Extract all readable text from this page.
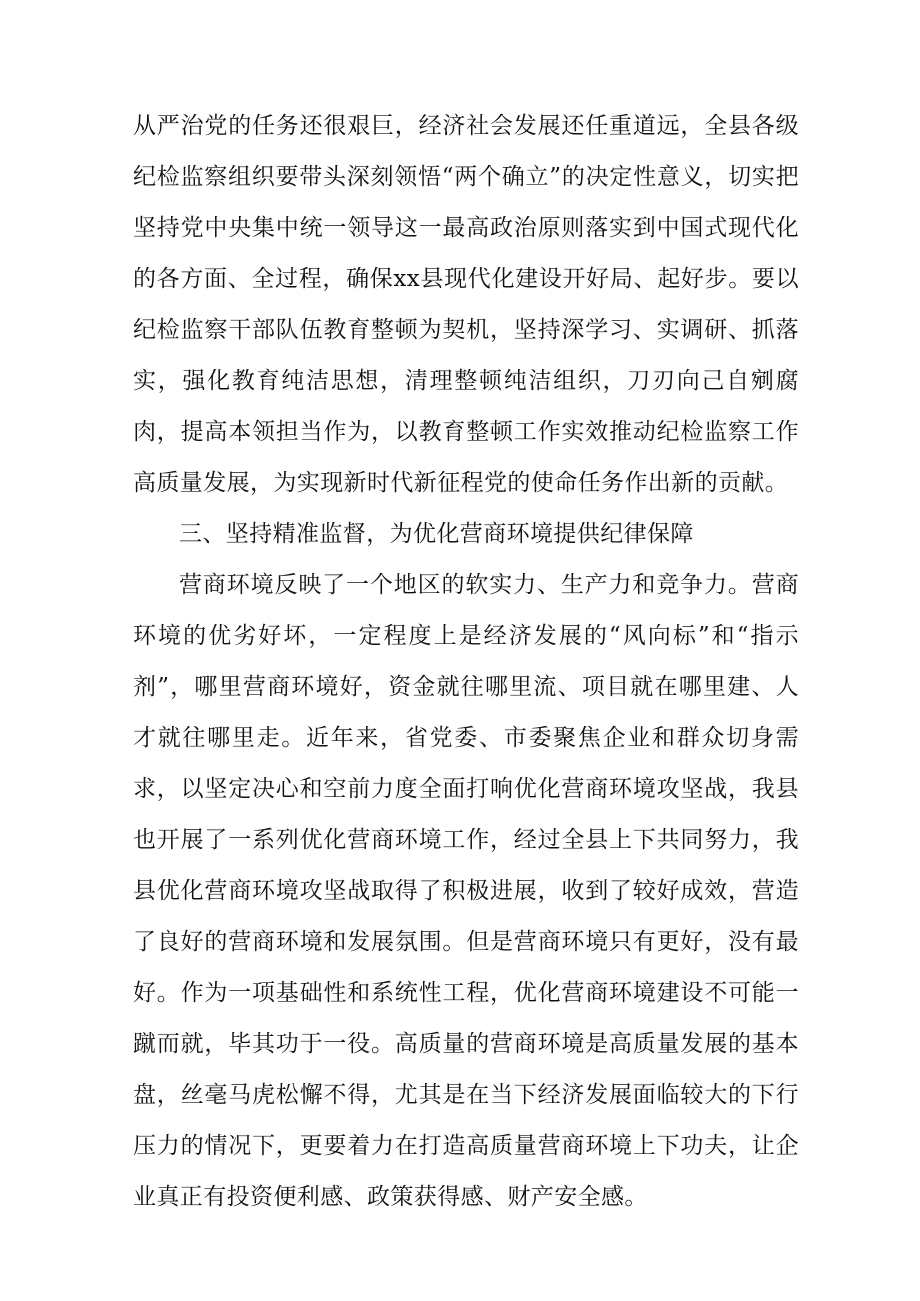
从严治党的任务还很艰巨，经济社会发展还任重道远，全县各级纪检监察组织要带头深刻领悟“两个确立”的决定性意义，切实把坚持党中央集中统一领导这一最高政治原则落实到中国式现代化的各方面、全过程，确保xx县现代化建设开好局、起好步。要以纪检监察干部队伍教育整顿为契机，坚持深学习、实调研、抓落实，强化教育纯洁思想，清理整顿纯洁组织，刀刃向己自剜腐肉，提高本领担当作为，以教育整顿工作实效推动纪检监察工作高质量发展，为实现新时代新征程党的使命任务作出新的贡献。

三、坚持精准监督，为优化营商环境提供纪律保障

营商环境反映了一个地区的软实力、生产力和竞争力。营商环境的优劣好坏，一定程度上是经济发展的“风向标”和“指示剂”，哪里营商环境好，资金就往哪里流、项目就在哪里建、人才就往哪里走。近年来，省党委、市委聚焦企业和群众切身需求，以坚定决心和空前力度全面打响优化营商环境攻坚战，我县也开展了一系列优化营商环境工作，经过全县上下共同努力，我县优化营商环境攻坚战取得了积极进展，收到了较好成效，营造了良好的营商环境和发展氛围。但是营商环境只有更好，没有最好。作为一项基础性和系统性工程，优化营商环境建设不可能一蹴而就，毕其功于一役。高质量的营商环境是高质量发展的基本盘，丝毫马虎松懈不得，尤其是在当下经济发展面临较大的下行压力的情况下，更要着力在打造高质量营商环境上下功夫，让企业真正有投资便利感、政策获得感、财产安全感。
